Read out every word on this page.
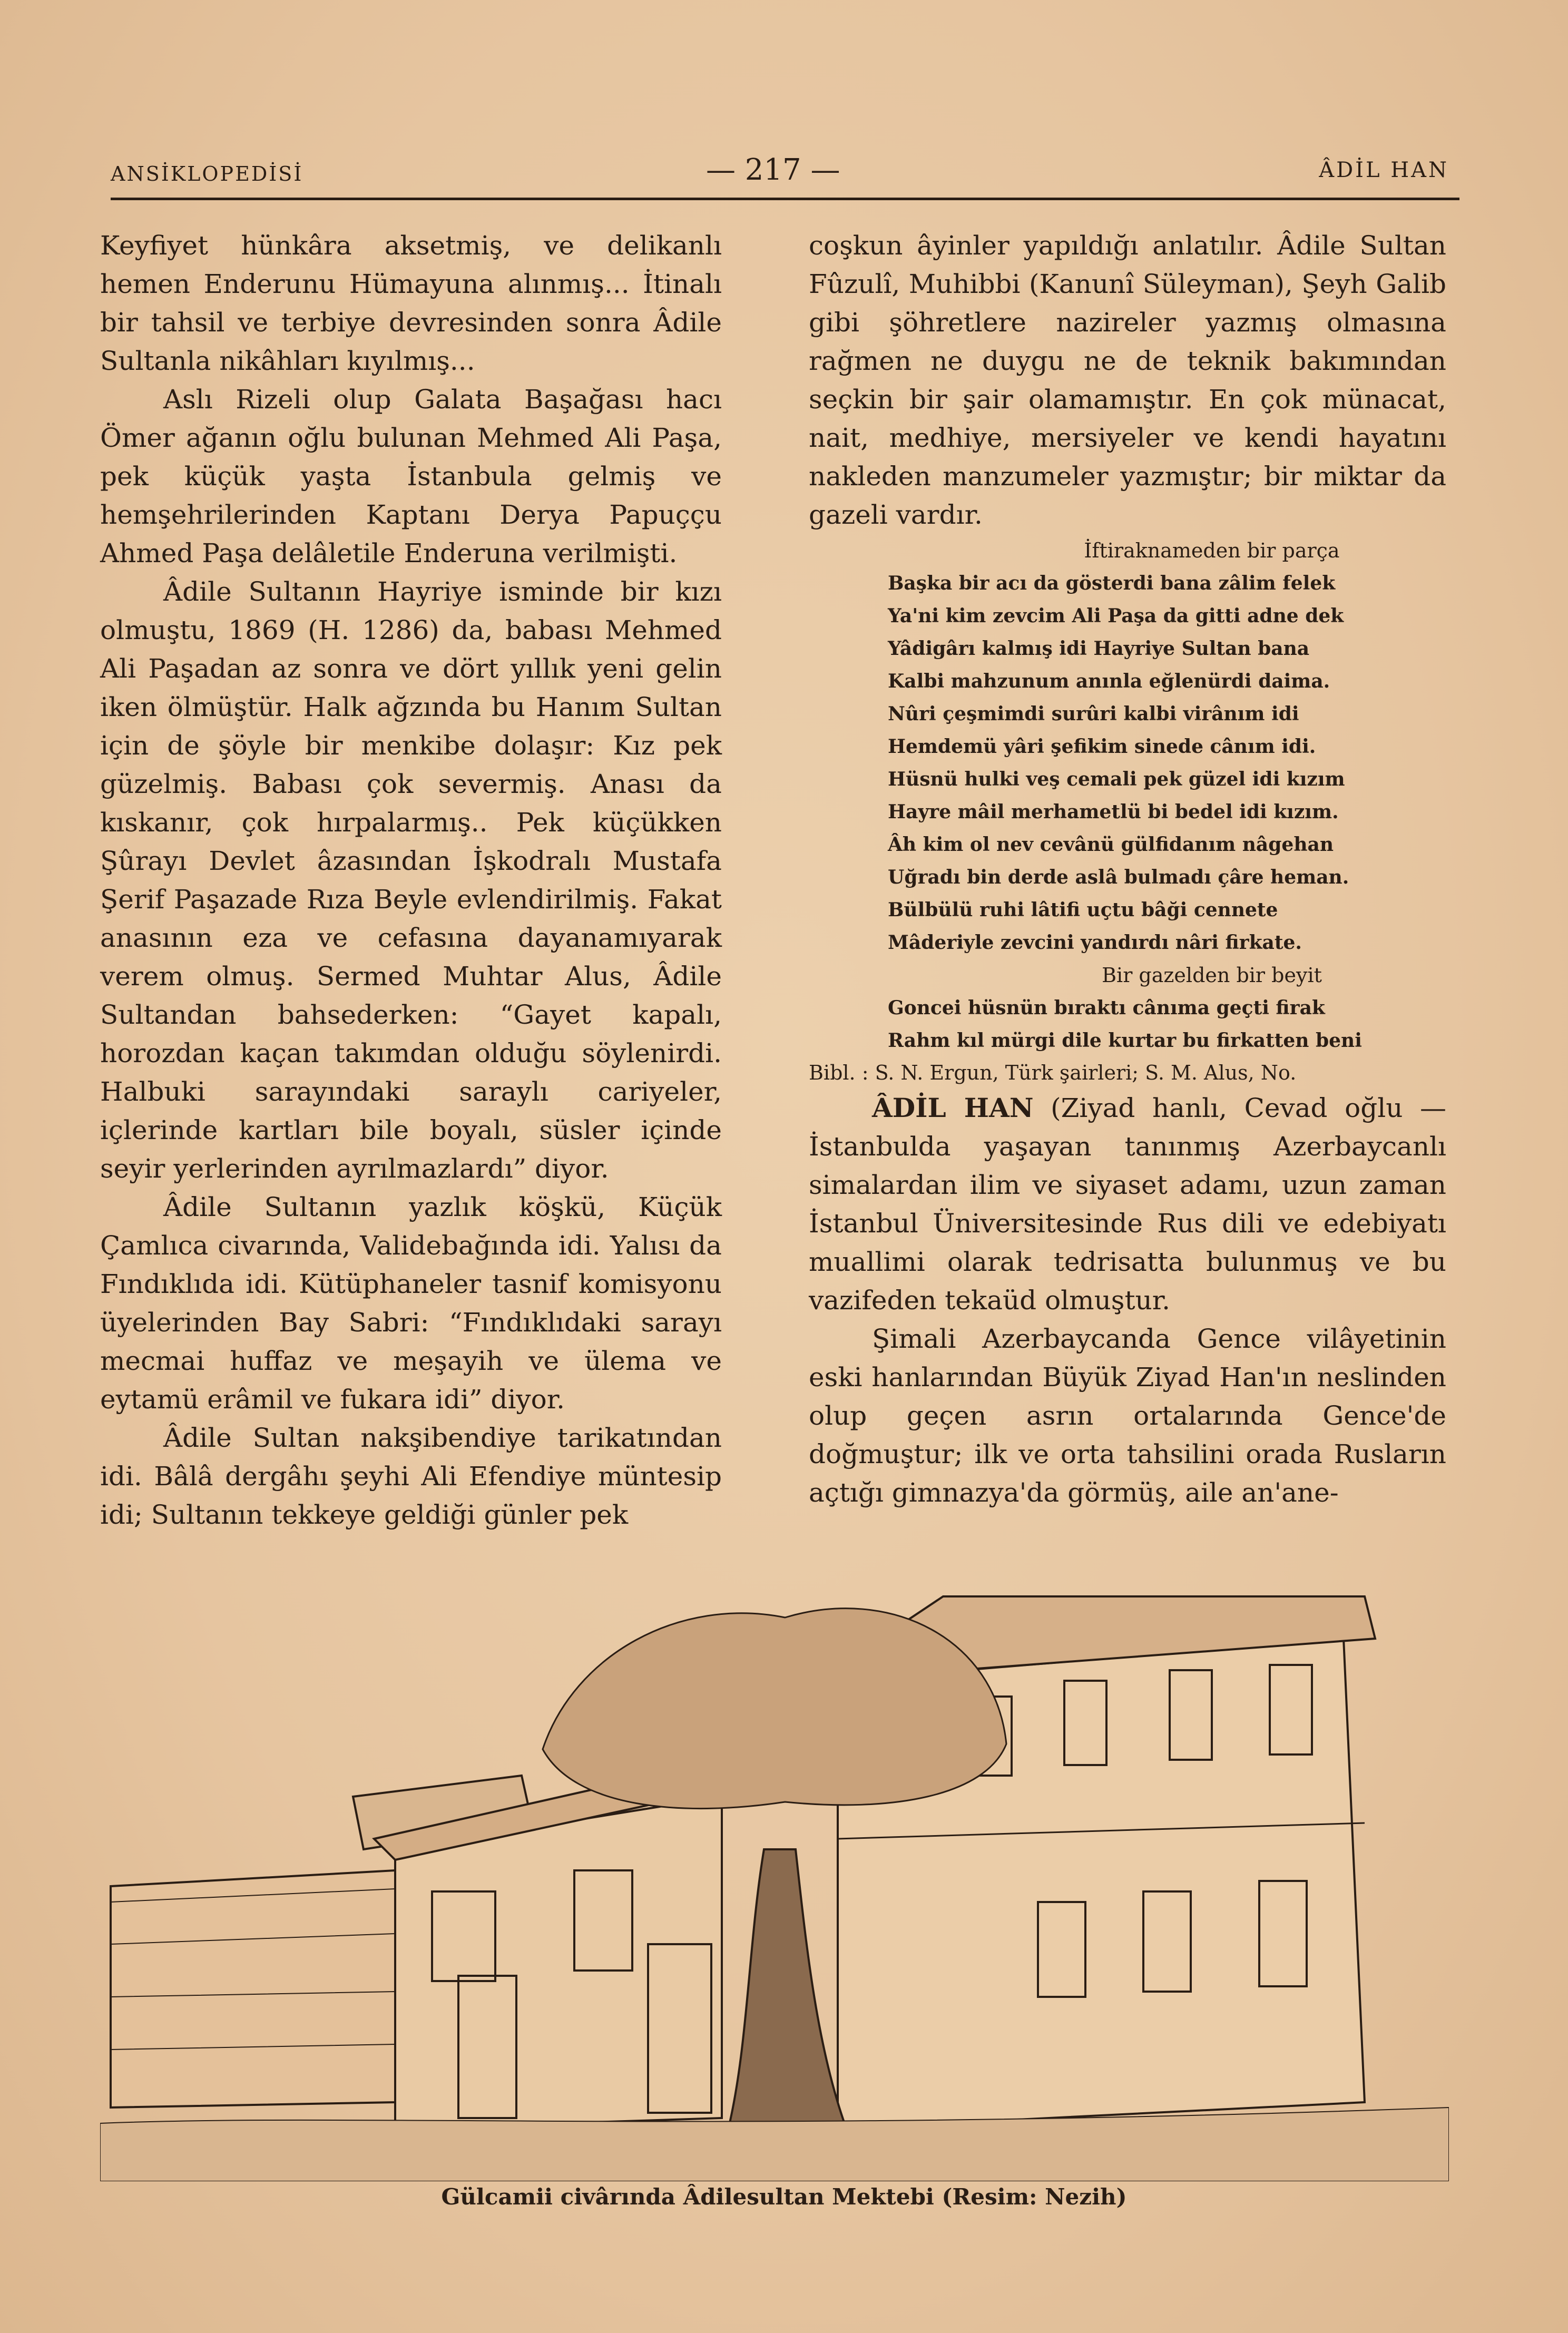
ANSİKLOPEDİSİ	— 217 —	ÂDİL HAN

Keyfiyet hünkâra aksetmiş, ve delikanlı hemen Enderunu Hümayuna alınmış... İtinalı bir tahsil ve terbiye devresinden sonra Âdile Sultanla nikâhları kıyılmış...

Aslı Rizeli olup Galata Başağası hacı Ömer ağanın oğlu bulunan Mehmed Ali Paşa, pek küçük yaşta İstanbula gelmiş ve hemşehrilerinden Kaptanı Derya Papuççu Ahmed Paşa delâletile Enderuna verilmişti.

Âdile Sultanın Hayriye isminde bir kızı olmuştu, 1869 (H. 1286) da, babası Mehmed Ali Paşadan az sonra ve dört yıllık yeni gelin iken ölmüştür. Halk ağzında bu Hanım Sultan için de şöyle bir menkibe dolaşır: Kız pek güzelmiş. Babası çok severmiş. Anası da kıskanır, çok hırpalarmış.. Pek küçükken Şûrayı Devlet âzasından İşkodralı Mustafa Şerif Paşazade Rıza Beyle evlendirilmiş. Fakat anasının eza ve cefasına dayanamıyarak verem olmuş. Sermed Muhtar Alus, Âdile Sultandan bahsederken: “Gayet kapalı, horozdan kaçan takımdan olduğu söylenirdi. Halbuki sarayındaki saraylı cariyeler, içlerinde kartları bile boyalı, süsler içinde seyir yerlerinden ayrılmazlardı” diyor.

Âdile Sultanın yazlık köşkü, Küçük Çamlıca civarında, Validebağında idi. Yalısı da Fındıklıda idi. Kütüphaneler tasnif komisyonu üyelerinden Bay Sabri: “Fındıklıdaki sarayı mecmai huffaz ve meşayih ve ülema ve eytamü erâmil ve fukara idi” diyor.

Âdile Sultan nakşibendiye tarikatından idi. Bâlâ dergâhı şeyhi Ali Efendiye müntesip idi; Sultanın tekkeye geldiği günler pek

coşkun âyinler yapıldığı anlatılır. Âdile Sultan Fûzulî, Muhibbi (Kanunî Süleyman), Şeyh Galib gibi şöhretlere nazireler yazmış olmasına rağmen ne duygu ne de teknik bakımından seçkin bir şair olamamıştır. En çok münacat, nait, medhiye, mersiyeler ve kendi hayatını nakleden manzumeler yazmıştır; bir miktar da gazeli vardır.

İftiraknameden bir parça
Başka bir acı da gösterdi bana zâlim felek
Ya'ni kim zevcim Ali Paşa da gitti adne dek
Yâdigârı kalmış idi Hayriye Sultan bana
Kalbi mahzunum anınla eğlenürdi daima.
Nûri çeşmimdi surûri kalbi virânım idi
Hemdemü yâri şefikim sinede cânım idi.
Hüsnü hulki veş cemali pek güzel idi kızım
Hayre mâil merhametlü bi bedel idi kızım.
Âh kim ol nev cevânü gülfidanım nâgehan
Uğradı bin derde aslâ bulmadı çâre heman.
Bülbülü ruhi lâtifi uçtu bâği cennete
Mâderiyle zevcini yandırdı nâri firkate.
Bir gazelden bir beyit
Goncei hüsnün bıraktı cânıma geçti firak
Rahm kıl mürgi dile kurtar bu firkatten beni

Bibl. : S. N. Ergun, Türk şairleri; S. M. Alus, No.

ÂDİL HAN (Ziyad hanlı, Cevad oğlu — İstanbulda yaşayan tanınmış Azerbaycanlı simalardan ilim ve siyaset adamı, uzun zaman İstanbul Üniversitesinde Rus dili ve edebiyatı muallimi olarak tedrisatta bulunmuş ve bu vazifeden tekaüd olmuştur.

Şimali Azerbaycanda Gence vilâyetinin eski hanlarından Büyük Ziyad Han'ın neslinden olup geçen asrın ortalarında Gence'de doğmuştur; ilk ve orta tahsilini orada Rusların açtığı gimnazya'da görmüş, aile an'ane-

Gülcamii civârında Âdilesultan Mektebi (Resim: Nezih)
